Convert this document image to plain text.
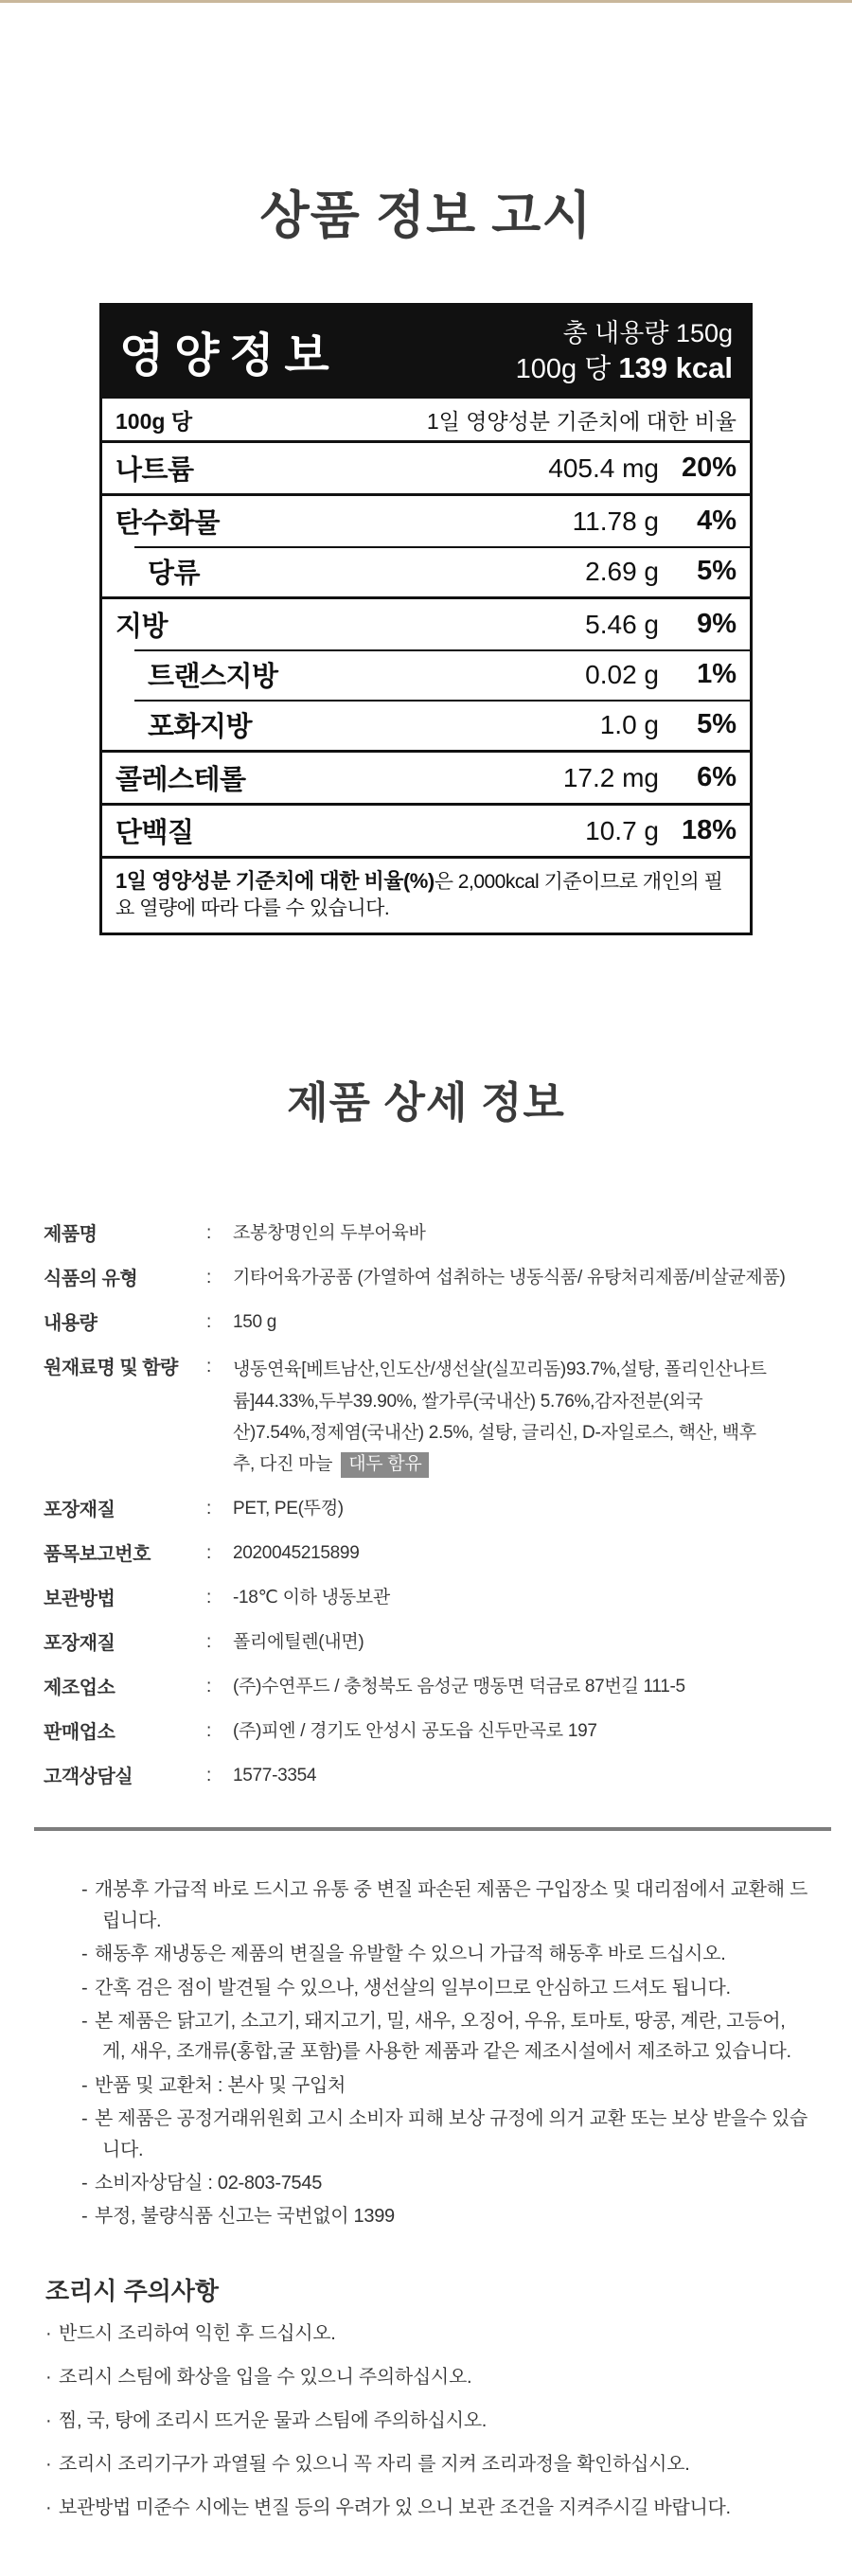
상품 정보 고시
영양정보	총 내용량 150g
100g 당 139 kcal
100g 당	1일 영양성분 기준치에 대한 비율
나트륨	405.4 mg 20%
탄수화물	11.78 g	4%
당류	2.69 g	5%
지방	5.46 g	9%
트랜스지방	0.02 g	1%
포화지방	1.0 g	5%
콜레스테롤	17.2 mg	6%
단백질	10.7 g 18%
1일 영양성분 기준치에 대한 비율(%)은 2,000kcal 기준이므로 개인의 필요 열량에 따라 다를 수 있습니다.
제품 상세 정보
제품명	:	조봉창명인의 두부어육바
식품의 유형	:	기타어육가공품 (가열하여 섭취하는 냉동식품/ 유탕처리제품/비살균제품)
내용량	:	150 g
원재료명 및 함량	:	냉동연육[베트남산,인도산/생선살(실꼬리돔)93.7%,설탕, 폴리인산나트륨]44.33%,두부39.90%, 쌀가루(국내산) 5.76%,감자전분(외국산)7.54%,정제염(국내산) 2.5%, 설탕, 글리신, D-자일로스, 핵산, 백후추, 다진 마늘 대두 함유
포장재질	:	PET, PE(뚜껑)
품목보고번호	:	2020045215899
보관방법	:	-18℃ 이하 냉동보관
포장재질	:	폴리에틸렌(내면)
제조업소	:	(주)수연푸드 / 충청북도 음성군 맹동면 덕금로 87번길 111-5
판매업소	:	(주)피엔 / 경기도 안성시 공도읍 신두만곡로 197
고객상담실	:	1577-3354
- 개봉후 가급적 바로 드시고 유통 중 변질 파손된 제품은 구입장소 및 대리점에서 교환해 드립니다.
- 해동후 재냉동은 제품의 변질을 유발할 수 있으니 가급적 해동후 바로 드십시오.
- 간혹 검은 점이 발견될 수 있으나, 생선살의 일부이므로 안심하고 드셔도 됩니다.
- 본 제품은 닭고기, 소고기, 돼지고기, 밀, 새우, 오징어, 우유, 토마토, 땅콩, 계란, 고등어, 게, 새우, 조개류(홍합,굴 포함)를 사용한 제품과 같은 제조시설에서 제조하고 있습니다.
- 반품 및 교환처 : 본사 및 구입처
- 본 제품은 공정거래위원회 고시 소비자 피해 보상 규정에 의거 교환 또는 보상 받을수 있습니다.
- 소비자상담실 : 02-803-7545
- 부정, 불량식품 신고는 국번없이 1399
조리시 주의사항
· 반드시 조리하여 익힌 후 드십시오.
· 조리시 스팀에 화상을 입을 수 있으니 주의하십시오.
· 찜, 국, 탕에 조리시 뜨거운 물과 스팀에 주의하십시오.
· 조리시 조리기구가 과열될 수 있으니 꼭 자리 를 지켜 조리과정을 확인하십시오.
· 보관방법 미준수 시에는 변질 등의 우려가 있 으니 보관 조건을 지켜주시길 바랍니다.
